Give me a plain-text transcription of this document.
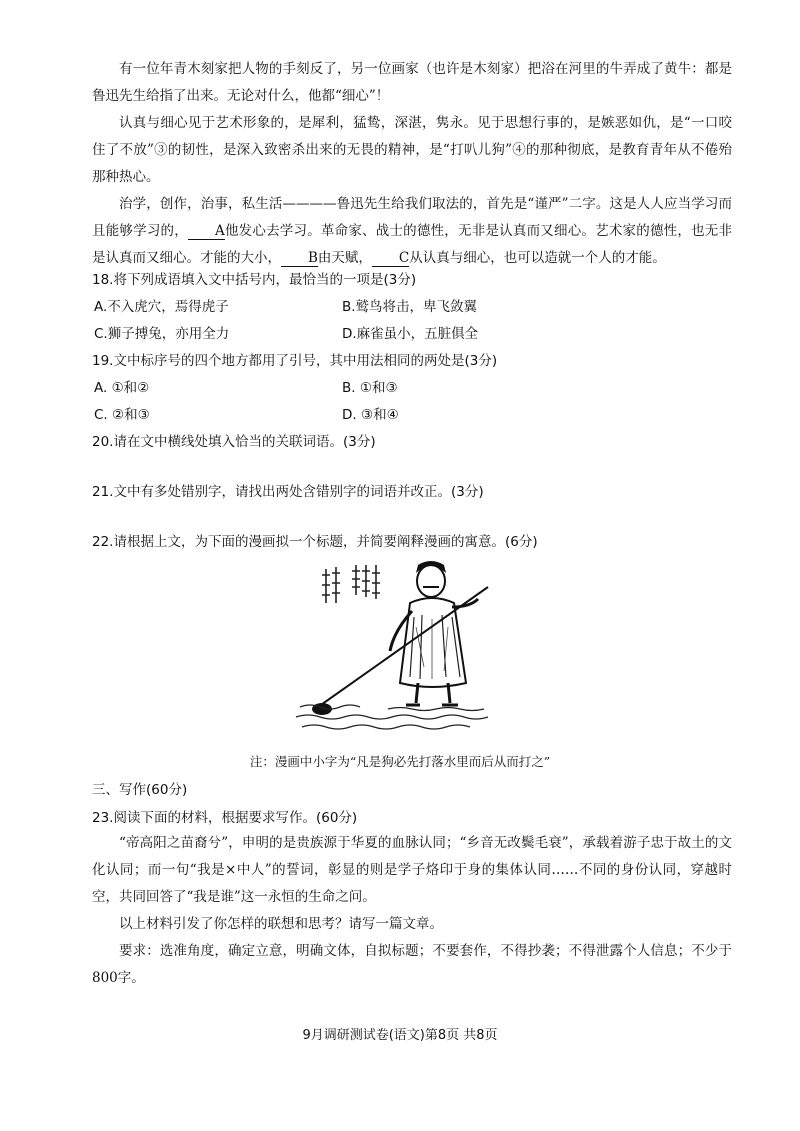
有一位年青木刻家把人物的手刻反了，另一位画家（也许是木刻家）把浴在河里的牛弄成了黄牛：都是鲁迅先生给指了出来。无论对什么，他都“细心”！

认真与细心见于艺术形象的，是犀利，猛鸷，深湛，隽永。见于思想行事的，是嫉恶如仇，是“一口咬住了不放”③的韧性，是深入致密杀出来的无畏的精神，是“打叭儿狗”④的那种彻底，是教育青年从不倦殆那种热心。

治学，创作，治事，私生活————鲁迅先生给我们取法的，首先是“谨严”二字。这是人人应当学习而且能够学习的， A他发心去学习。革命家、战士的德性，无非是认真而又细心。艺术家的德性，也无非是认真而又细心。才能的大小， B由天赋， C从认真与细心，也可以造就一个人的才能。

18.将下列成语填入文中括号内，最恰当的一项是(3分)

A.不入虎穴，焉得虎子	B.鹫鸟将击，卑飞敛翼

C.狮子搏兔，亦用全力	D.麻雀虽小，五脏俱全

19.文中标序号的四个地方都用了引号，其中用法相同的两处是(3分)

A. ①和②	B. ①和③

C. ②和③	D. ③和④

20.请在文中横线处填入恰当的关联词语。(3分)

21.文中有多处错别字，请找出两处含错别字的词语并改正。(3分)

22.请根据上文，为下面的漫画拟一个标题，并简要阐释漫画的寓意。(6分)

注：漫画中小字为“凡是狗必先打落水里而后从而打之”

三、写作(60分)

23.阅读下面的材料，根据要求写作。(60分)

“帝高阳之苗裔兮”，申明的是贵族源于华夏的血脉认同；“乡音无改鬓毛衰”，承载着游子忠于故土的文化认同；而一句“我是×中人”的誓词，彰显的则是学子烙印于身的集体认同……不同的身份认同，穿越时空，共同回答了“我是谁”这一永恒的生命之问。

以上材料引发了你怎样的联想和思考？请写一篇文章。

要求：选准角度，确定立意，明确文体，自拟标题；不要套作，不得抄袭；不得泄露个人信息；不少于800字。

9月调研测试卷(语文)第8页 共8页
